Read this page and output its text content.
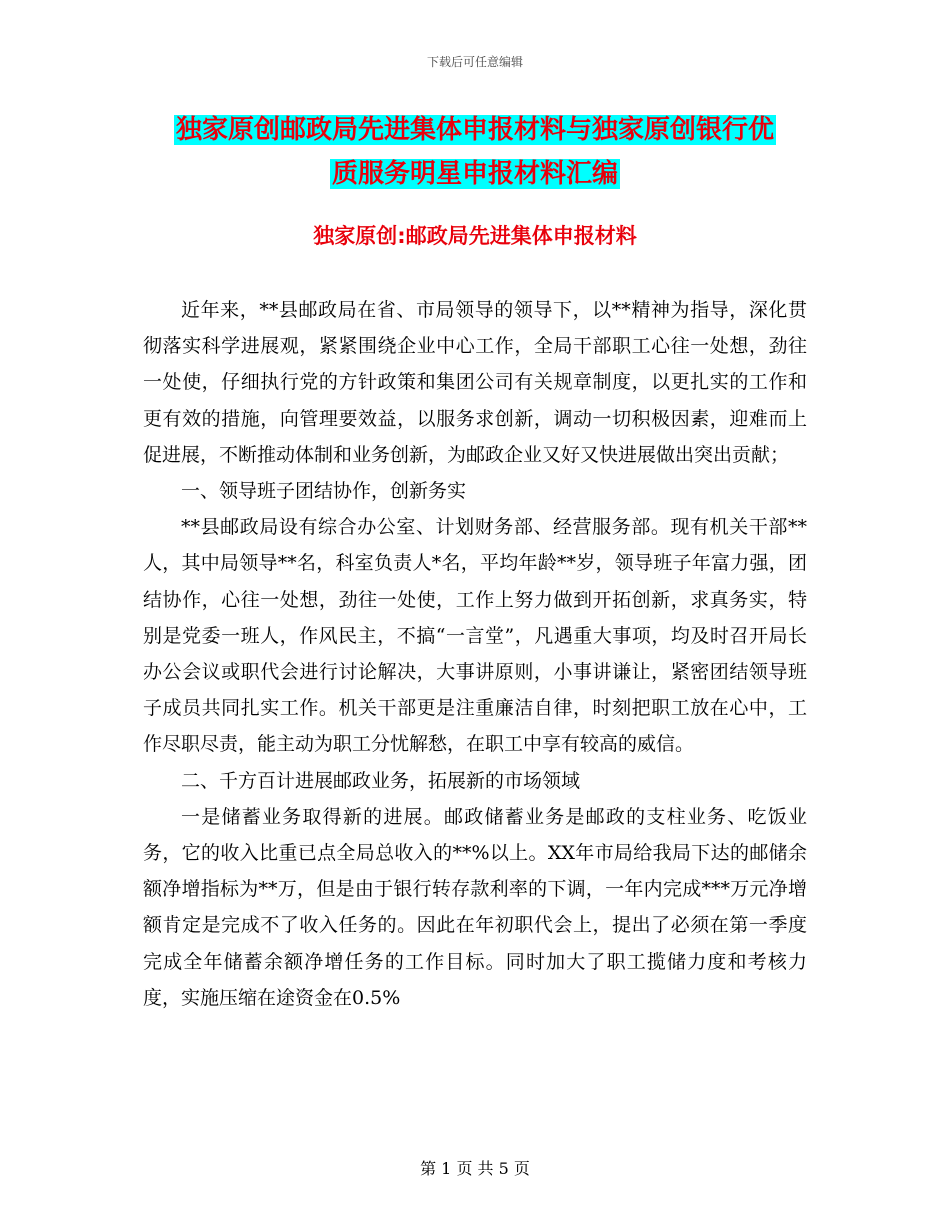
下载后可任意编辑
独家原创邮政局先进集体申报材料与独家原创银行优
质服务明星申报材料汇编
独家原创:邮政局先进集体申报材料

近年来，**县邮政局在省、市局领导的领导下，以**精神为指导，深化贯彻落实科学进展观，紧紧围绕企业中心工作，全局干部职工心往一处想，劲往一处使，仔细执行党的方针政策和集团公司有关规章制度，以更扎实的工作和更有效的措施，向管理要效益，以服务求创新，调动一切积极因素，迎难而上促进展，不断推动体制和业务创新，为邮政企业又好又快进展做出突出贡献；

一、领导班子团结协作，创新务实

**县邮政局设有综合办公室、计划财务部、经营服务部。现有机关干部**人，其中局领导**名，科室负责人*名，平均年龄**岁，领导班子年富力强，团结协作，心往一处想，劲往一处使，工作上努力做到开拓创新，求真务实，特别是党委一班人，作风民主，不搞“一言堂”，凡遇重大事项，均及时召开局长办公会议或职代会进行讨论解决，大事讲原则，小事讲谦让，紧密团结领导班子成员共同扎实工作。机关干部更是注重廉洁自律，时刻把职工放在心中，工作尽职尽责，能主动为职工分忧解愁，在职工中享有较高的威信。

二、千方百计进展邮政业务，拓展新的市场领域

一是储蓄业务取得新的进展。邮政储蓄业务是邮政的支柱业务、吃饭业务，它的收入比重已点全局总收入的**%以上。XX年市局给我局下达的邮储余额净增指标为**万，但是由于银行转存款利率的下调，一年内完成***万元净增额肯定是完成不了收入任务的。因此在年初职代会上，提出了必须在第一季度完成全年储蓄余额净增任务的工作目标。同时加大了职工揽储力度和考核力度，实施压缩在途资金在0.5%

第 1 页 共 5 页
